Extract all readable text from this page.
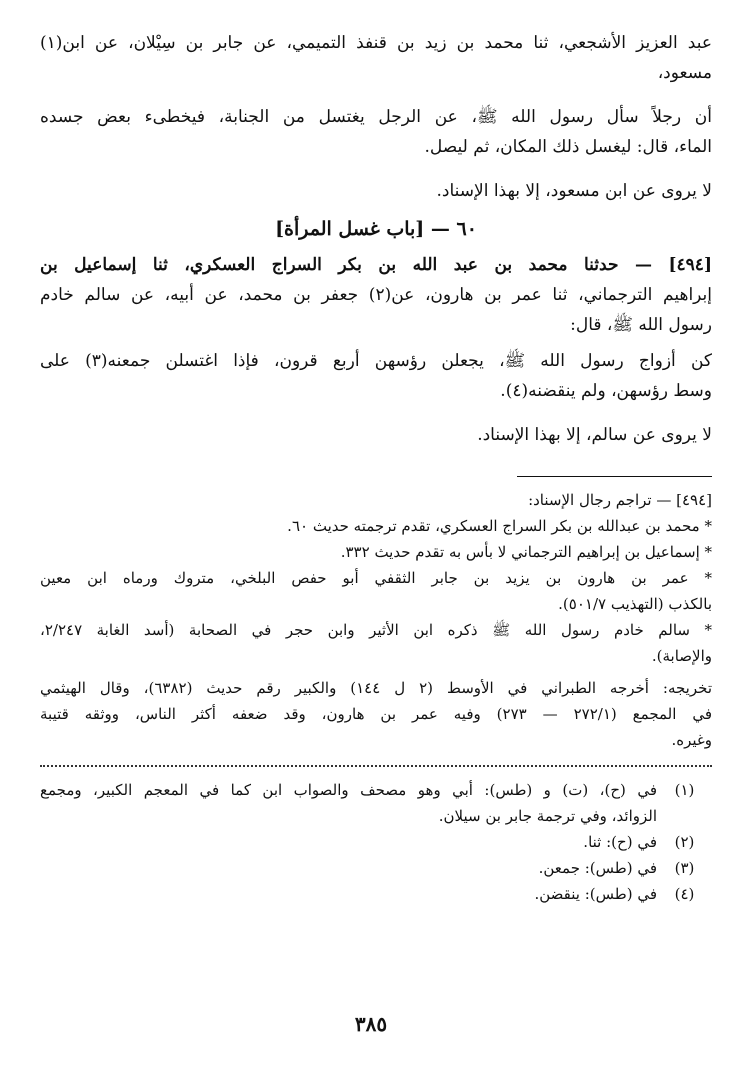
عبد العزيز الأشجعي، ثنا محمد بن زيد بن قنفذ التميمي، عن جابر بن سِيْلان، عن ابن(١)
مسعود،
أن رجلاً سأل رسول الله ﷺ، عن الرجل يغتسل من الجنابة، فيخطىء بعض جسده
الماء، قال: ليغسل ذلك المكان، ثم ليصل.
لا يروى عن ابن مسعود، إلا بهذا الإسناد.
٦٠ — [باب غسل المرأة]
[٤٩٤] — حدثنا محمد بن عبد الله بن بكر السراج العسكري، ثنا إسماعيل بن
إبراهيم الترجماني، ثنا عمر بن هارون، عن(٢) جعفر بن محمد، عن أبيه، عن سالم خادم
رسول الله ﷺ، قال:
كن أزواج رسول الله ﷺ، يجعلن رؤسهن أربع قرون، فإذا اغتسلن جمعنه(٣) على
وسط رؤسهن، ولم ينقضنه(٤).
لا يروى عن سالم، إلا بهذا الإسناد.
[٤٩٤] — تراجم رجال الإسناد:
* محمد بن عبدالله بن بكر السراج العسكري، تقدم ترجمته حديث ٦٠.
* إسماعيل بن إبراهيم الترجماني لا بأس به تقدم حديث ٣٣٢.
* عمر بن هارون بن يزيد بن جابر الثقفي أبو حفص البلخي، متروك ورماه ابن معين
بالكذب (التهذيب ٥٠١/٧).
* سالم خادم رسول الله ﷺ ذكره ابن الأثير وابن حجر في الصحابة (أسد الغابة ٢/٢٤٧،
والإصابة).
تخريجه: أخرجه الطبراني في الأوسط (٢ ل ١٤٤) والكبير رقم حديث (٦٣٨٢)، وقال الهيثمي
في المجمع (٢٧٢/١ — ٢٧٣) وفيه عمر بن هارون، وقد ضعفه أكثر الناس، ووثقه قتيبة
وغيره.
(١)
في (ح)، (ت) و (طس): أبي وهو مصحف والصواب ابن كما في المعجم الكبير، ومجمع
الزوائد، وفي ترجمة جابر بن سيلان.
(٢)
في (ح): ثنا.
(٣)
في (طس): جمعن.
(٤)
في (طس): ينقضن.
٣٨٥
